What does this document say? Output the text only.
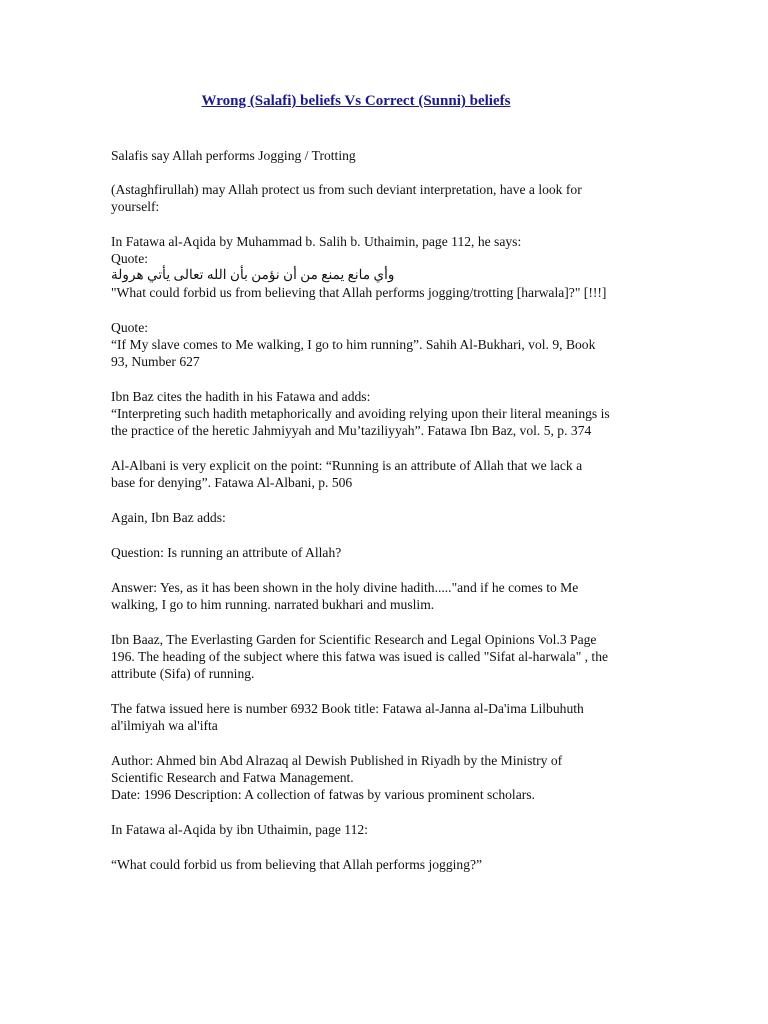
Wrong (Salafi) beliefs Vs Correct (Sunni) beliefs
Salafis say Allah performs Jogging / Trotting
(Astaghfirullah) may Allah protect us from such deviant interpretation, have a look for
yourself:
In Fatawa al-Aqida by Muhammad b. Salih b. Uthaimin, page 112, he says:
Quote:
وأي مانع يمنع من أن نؤمن بأن الله تعالى يأتي هرولة
"What could forbid us from believing that Allah performs jogging/trotting [harwala]?" [!!!]
Quote:
“If My slave comes to Me walking, I go to him running”. Sahih Al-Bukhari, vol. 9, Book
93, Number 627
Ibn Baz cites the hadith in his Fatawa and adds:
“Interpreting such hadith metaphorically and avoiding relying upon their literal meanings is
the practice of the heretic Jahmiyyah and Mu’taziliyyah”. Fatawa Ibn Baz, vol. 5, p. 374
Al-Albani is very explicit on the point: “Running is an attribute of Allah that we lack a
base for denying”. Fatawa Al-Albani, p. 506
Again, Ibn Baz adds:
Question: Is running an attribute of Allah?
Answer: Yes, as it has been shown in the holy divine hadith....."and if he comes to Me
walking, I go to him running. narrated bukhari and muslim.
Ibn Baaz, The Everlasting Garden for Scientific Research and Legal Opinions Vol.3 Page
196. The heading of the subject where this fatwa was isued is called "Sifat al-harwala" , the
attribute (Sifa) of running.
The fatwa issued here is number 6932 Book title: Fatawa al-Janna al-Da'ima Lilbuhuth
al'ilmiyah wa al'ifta
Author: Ahmed bin Abd Alrazaq al Dewish Published in Riyadh by the Ministry of
Scientific Research and Fatwa Management.
Date: 1996 Description: A collection of fatwas by various prominent scholars.
In Fatawa al-Aqida by ibn Uthaimin, page 112:
“What could forbid us from believing that Allah performs jogging?”
